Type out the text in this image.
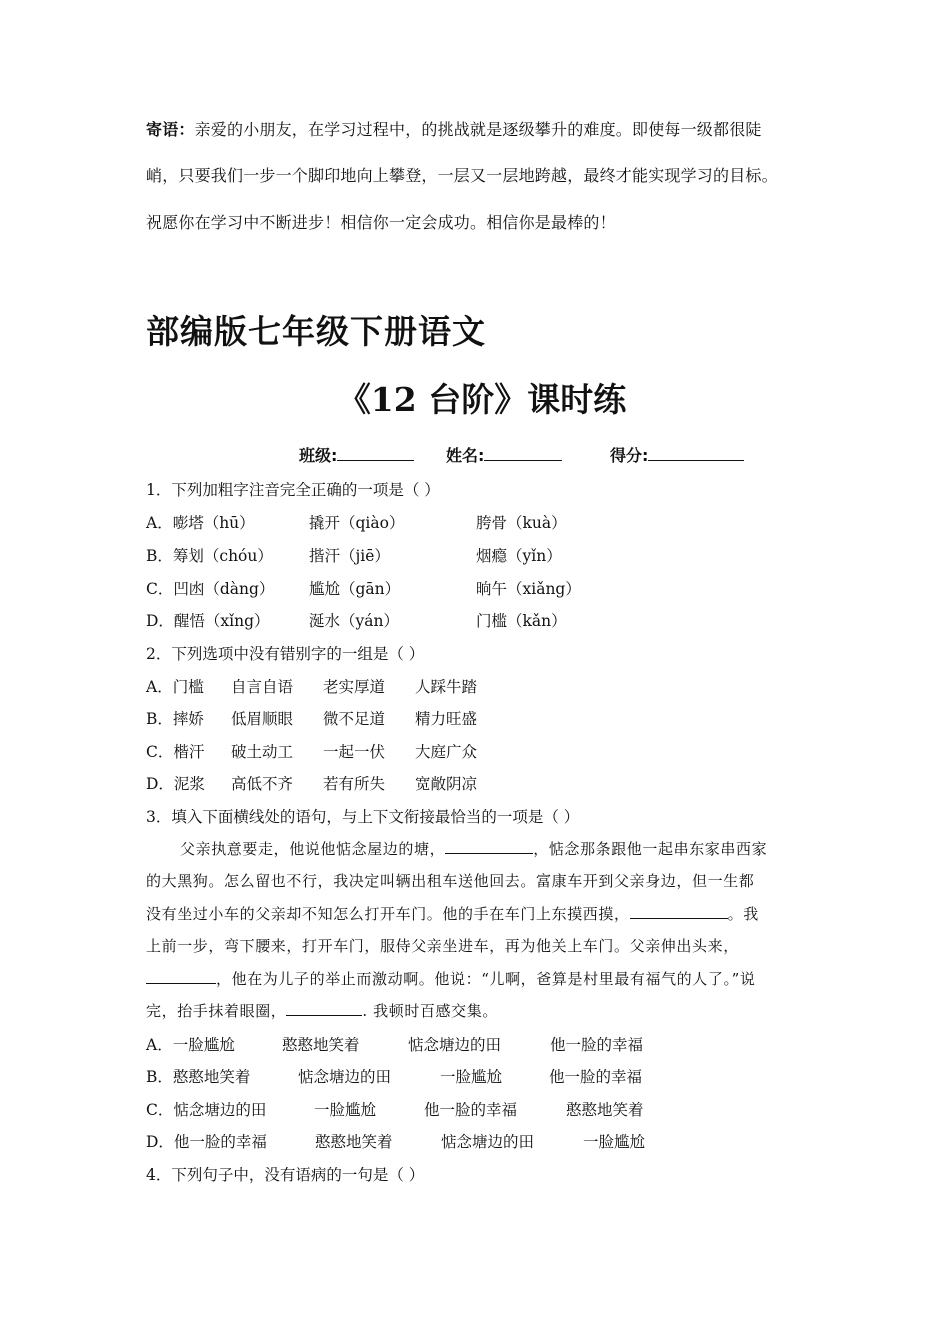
寄语：亲爱的小朋友，在学习过程中，的挑战就是逐级攀升的难度。即使每一级都很陡
峭，只要我们一步一个脚印地向上攀登，一层又一层地跨越，最终才能实现学习的目标。
祝愿你在学习中不断进步！相信你一定会成功。相信你是最棒的！
部编版七年级下册语文
《12 台阶》课时练
班级:	姓名:	得分:
1．下列加粗字注音完全正确的一项是（ ）
A．嘭塔（hū）	撬开（qiào）	胯骨（kuà）
B．筹划（chóu） 揩汗（jiē）	烟瘾（yǐn）
C．凹凼（dàng） 尴尬（gān）	晌午（xiǎng）
D．醒悟（xǐng）	涎水（yán）	门槛（kǎn）
2．下列选项中没有错别字的一组是（ ）
A．门槛 自言自语 老实厚道 人踩牛踏
B．摔娇 低眉顺眼 微不足道 精力旺盛
C．楷汗 破土动工 一起一伏 大庭广众
D．泥浆 高低不齐 若有所失 宽敞阴凉
3．填入下面横线处的语句，与上下文衔接最恰当的一项是（ ）
父亲执意要走，他说他惦念屋边的塘，	，惦念那条跟他一起串东家串西家
的大黑狗。怎么留也不行，我决定叫辆出租车送他回去。富康车开到父亲身边，但一生都
没有坐过小车的父亲却不知怎么打开车门。他的手在车门上东摸西摸，	。我
上前一步，弯下腰来，打开车门，服侍父亲坐进车，再为他关上车门。父亲伸出头来，
，他在为儿子的举止而激动啊。他说：“儿啊，爸算是村里最有福气的人了。”说
完，抬手抹着眼圈，	. 我顿时百感交集。
A．一脸尴尬	憨憨地笑着	惦念塘边的田	他一脸的幸福
B．憨憨地笑着	惦念塘边的田	一脸尴尬	他一脸的幸福
C．惦念塘边的田	一脸尴尬	他一脸的幸福	憨憨地笑着
D．他一脸的幸福	憨憨地笑着	惦念塘边的田	一脸尴尬
4．下列句子中，没有语病的一句是（ ）
